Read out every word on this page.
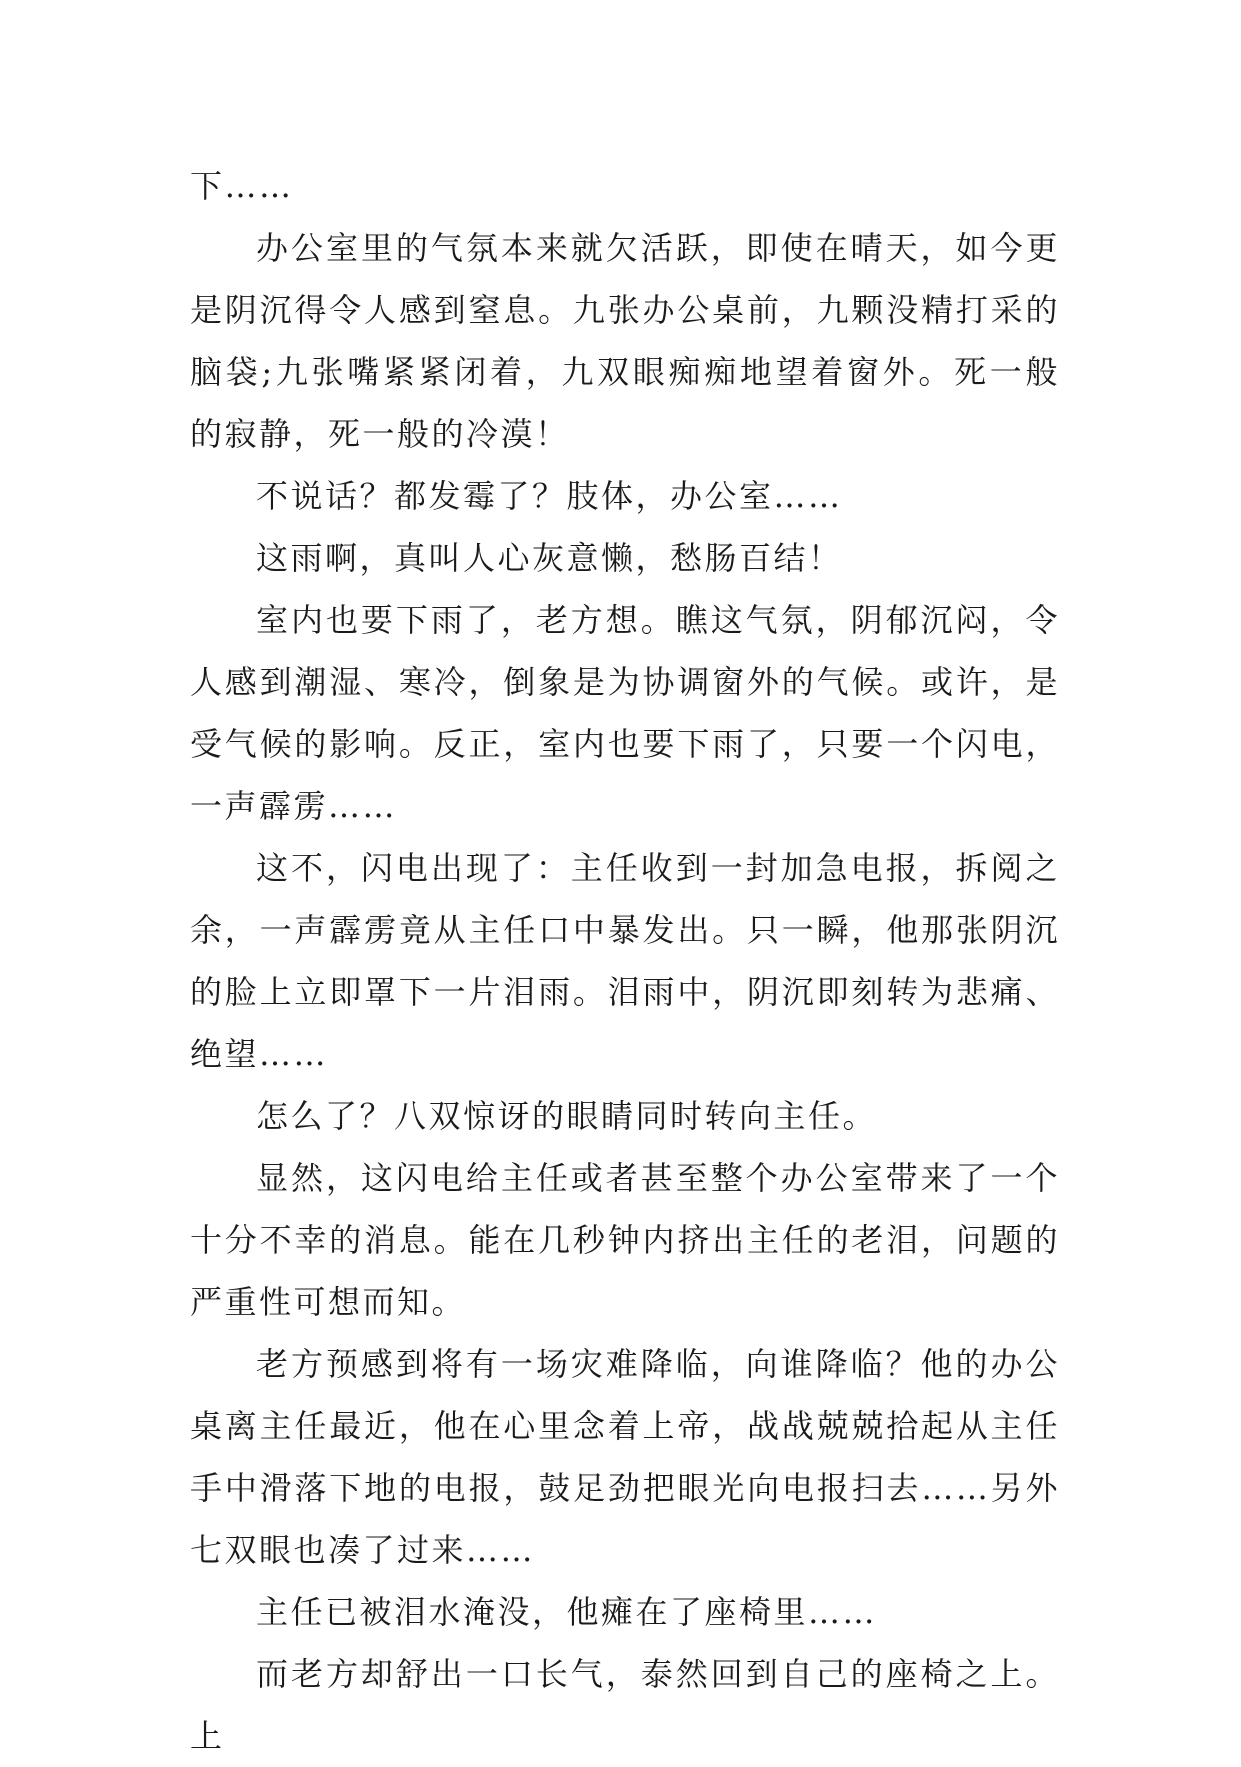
下……

办公室里的气氛本来就欠活跃，即使在晴天，如今更是阴沉得令人感到窒息。九张办公桌前，九颗没精打采的脑袋;九张嘴紧紧闭着，九双眼痴痴地望着窗外。死一般的寂静，死一般的冷漠！

不说话？都发霉了？肢体，办公室……

这雨啊，真叫人心灰意懒，愁肠百结！

室内也要下雨了，老方想。瞧这气氛，阴郁沉闷，令人感到潮湿、寒冷，倒象是为协调窗外的气候。或许，是受气候的影响。反正，室内也要下雨了，只要一个闪电，一声霹雳……

这不，闪电出现了：主任收到一封加急电报，拆阅之余，一声霹雳竟从主任口中暴发出。只一瞬，他那张阴沉的脸上立即罩下一片泪雨。泪雨中，阴沉即刻转为悲痛、绝望……

怎么了？八双惊讶的眼睛同时转向主任。

显然，这闪电给主任或者甚至整个办公室带来了一个十分不幸的消息。能在几秒钟内挤出主任的老泪，问题的严重性可想而知。

老方预感到将有一场灾难降临，向谁降临？他的办公桌离主任最近，他在心里念着上帝，战战兢兢拾起从主任手中滑落下地的电报，鼓足劲把眼光向电报扫去……另外七双眼也凑了过来……

主任已被泪水淹没，他瘫在了座椅里……

而老方却舒出一口长气，泰然回到自己的座椅之上。上
